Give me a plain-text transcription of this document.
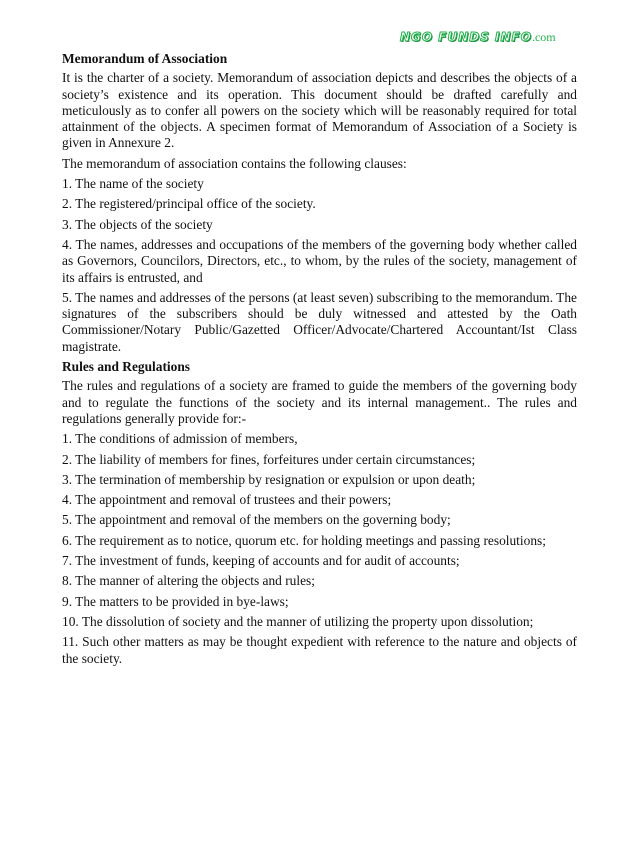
NGO FUNDS INFO.com

Memorandum of Association

It is the charter of a society. Memorandum of association depicts and describes the objects of a society’s existence and its operation. This document should be drafted carefully and meticulously as to confer all powers on the society which will be reasonably required for total attainment of the objects. A specimen format of Memorandum of Association of a Society is given in Annexure 2.

The memorandum of association contains the following clauses:

1. The name of the society

2. The registered/principal office of the society.

3. The objects of the society

4. The names, addresses and occupations of the members of the governing body whether called as Governors, Councilors, Directors, etc., to whom, by the rules of the society, management of its affairs is entrusted, and

5. The names and addresses of the persons (at least seven) subscribing to the memorandum. The signatures of the subscribers should be duly witnessed and attested by the Oath Commissioner/Notary Public/Gazetted Officer/Advocate/Chartered Accountant/Ist Class magistrate.

Rules and Regulations

The rules and regulations of a society are framed to guide the members of the governing body and to regulate the functions of the society and its internal management.. The rules and regulations generally provide for:-

1. The conditions of admission of members,

2. The liability of members for fines, forfeitures under certain circumstances;

3. The termination of membership by resignation or expulsion or upon death;

4. The appointment and removal of trustees and their powers;

5. The appointment and removal of the members on the governing body;

6. The requirement as to notice, quorum etc. for holding meetings and passing resolutions;

7. The investment of funds, keeping of accounts and for audit of accounts;

8. The manner of altering the objects and rules;

9. The matters to be provided in bye-laws;

10. The dissolution of society and the manner of utilizing the property upon dissolution;

11. Such other matters as may be thought expedient with reference to the nature and objects of the society.
